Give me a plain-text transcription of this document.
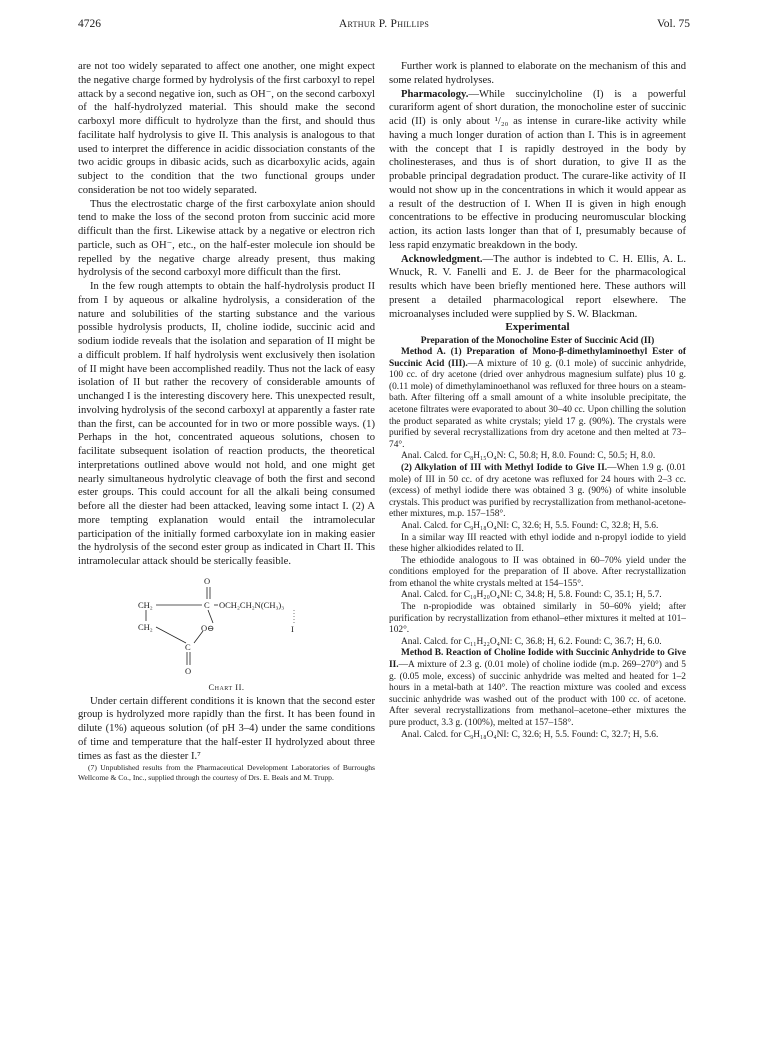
4726	Arthur P. Phillips	Vol. 75

are not too widely separated to affect one another, one might expect the negative charge formed by hydrolysis of the first carboxyl to repel attack by a second negative ion, such as OH⁻, on the second carboxyl of the half-hydrolyzed material. This should make the second carboxyl more difficult to hydrolyze than the first, and should thus facilitate half hydrolysis to give II. This analysis is analogous to that used to interpret the difference in acidic dissociation constants of the two acidic groups in dibasic acids, such as dicarboxylic acids, again subject to the condition that the two functional groups under consideration be not too widely separated.

Thus the electrostatic charge of the first carboxylate anion should tend to make the loss of the second proton from succinic acid more difficult than the first. Likewise attack by a negative or electron rich particle, such as OH⁻, etc., on the half-ester molecule ion should be repelled by the negative charge already present, thus making hydrolysis of the second carboxyl more difficult than the first.

In the few rough attempts to obtain the half-hydrolysis product II from I by aqueous or alkaline hydrolysis, a consideration of the nature and solubilities of the starting substance and the various possible hydrolysis products, II, choline iodide, succinic acid and sodium iodide reveals that the isolation and separation of II might be a difficult problem. If half hydrolysis went exclusively then isolation of II might have been accomplished readily. Thus not the lack of easy isolation of II but rather the recovery of considerable amounts of unchanged I is the interesting discovery here. This unexpected result, involving hydrolysis of the second carboxyl at apparently a faster rate than the first, can be accounted for in two or more possible ways. (1) Perhaps in the hot, concentrated aqueous solutions, chosen to facilitate subsequent isolation of reaction products, the theoretical interpretations outlined above would not hold, and one might get nearly simultaneous hydrolytic cleavage of both the first and second ester groups. This could account for all the alkali being consumed before all the diester had been attacked, leaving some intact I. (2) A more tempting explanation would entail the intramolecular participation of the initially formed carboxylate ion in making easier the hydrolysis of the second ester group as indicated in Chart II. This intramolecular attack should be sterically feasible.

O
CH₂	C OCH₂CH₂N(CH₃)₃
CH₂	O⊖	I
C
O

Chart II.

Under certain different conditions it is known that the second ester group is hydrolyzed more rapidly than the first. It has been found in dilute (1%) aqueous solution (of pH 3–4) under the same conditions of time and temperature that the half-ester II hydrolyzed about three times as fast as the diester I.⁷

(7) Unpublished results from the Pharmaceutical Development Laboratories of Burroughs Wellcome & Co., Inc., supplied through the courtesy of Drs. E. Beals and M. Trupp.

Further work is planned to elaborate on the mechanism of this and some related hydrolyses.

Pharmacology.—While succinylcholine (I) is a powerful curariform agent of short duration, the monocholine ester of succinic acid (II) is only about ¹/₂₀ as intense in curare-like activity while having a much longer duration of action than I. This is in agreement with the concept that I is rapidly destroyed in the body by cholinesterases, and thus is of short duration, to give II as the probable principal degradation product. The curare-like activity of II would not show up in the concentrations in which it would appear as a result of the destruction of I. When II is given in high enough concentrations to be effective in producing neuromuscular blocking action, its action lasts longer than that of I, presumably because of less rapid enzymatic breakdown in the body.

Acknowledgment.—The author is indebted to C. H. Ellis, A. L. Wnuck, R. V. Fanelli and E. J. de Beer for the pharmacological results which have been briefly mentioned here. These authors will present a detailed pharmacological report elsewhere. The microanalyses included were supplied by S. W. Blackman.

Experimental

Preparation of the Monocholine Ester of Succinic Acid (II)

Method A. (1) Preparation of Mono-β-dimethylaminoethyl Ester of Succinic Acid (III).—A mixture of 10 g. (0.1 mole) of succinic anhydride, 100 cc. of dry acetone (dried over anhydrous magnesium sulfate) plus 10 g. (0.11 mole) of dimethylaminoethanol was refluxed for three hours on a steam-bath. After filtering off a small amount of a white insoluble precipitate, the acetone filtrates were evaporated to about 30–40 cc. Upon chilling the solution the product separated as white crystals; yield 17 g. (90%). The crystals were purified by several recrystallizations from dry acetone and then melted at 73–74°.

Anal. Calcd. for C₈H₁₅O₄N: C, 50.8; H, 8.0. Found: C, 50.5; H, 8.0.

(2) Alkylation of III with Methyl Iodide to Give II.—When 1.9 g. (0.01 mole) of III in 50 cc. of dry acetone was refluxed for 24 hours with 2–3 cc. (excess) of methyl iodide there was obtained 3 g. (90%) of white insoluble crystals. This product was purified by recrystallization from methanol-acetone-ether mixtures, m.p. 157–158°.

Anal. Calcd. for C₉H₁₈O₄NI: C, 32.6; H, 5.5. Found: C, 32.8; H, 5.6.

In a similar way III reacted with ethyl iodide and n-propyl iodide to yield these higher alkiodides related to II.

The ethiodide analogous to II was obtained in 60–70% yield under the conditions employed for the preparation of II above. After recrystallization from ethanol the white crystals melted at 154–155°.

Anal. Calcd. for C₁₀H₂₀O₄NI: C, 34.8; H, 5.8. Found: C, 35.1; H, 5.7.

The n-propiodide was obtained similarly in 50–60% yield; after purification by recrystallization from ethanol–ether mixtures it melted at 101–102°.

Anal. Calcd. for C₁₁H₂₂O₄NI: C, 36.8; H, 6.2. Found: C, 36.7; H, 6.0.

Method B. Reaction of Choline Iodide with Succinic Anhydride to Give II.—A mixture of 2.3 g. (0.01 mole) of choline iodide (m.p. 269–270°) and 5 g. (0.05 mole, excess) of succinic anhydride was melted and heated for 1–2 hours in a metal-bath at 140°. The reaction mixture was cooled and excess succinic anhydride was washed out of the product with 100 cc. of acetone. After several recrystallizations from methanol–acetone–ether mixtures the pure product, 3.3 g. (100%), melted at 157–158°.

Anal. Calcd. for C₉H₁₈O₄NI: C, 32.6; H, 5.5. Found: C, 32.7; H, 5.6.
